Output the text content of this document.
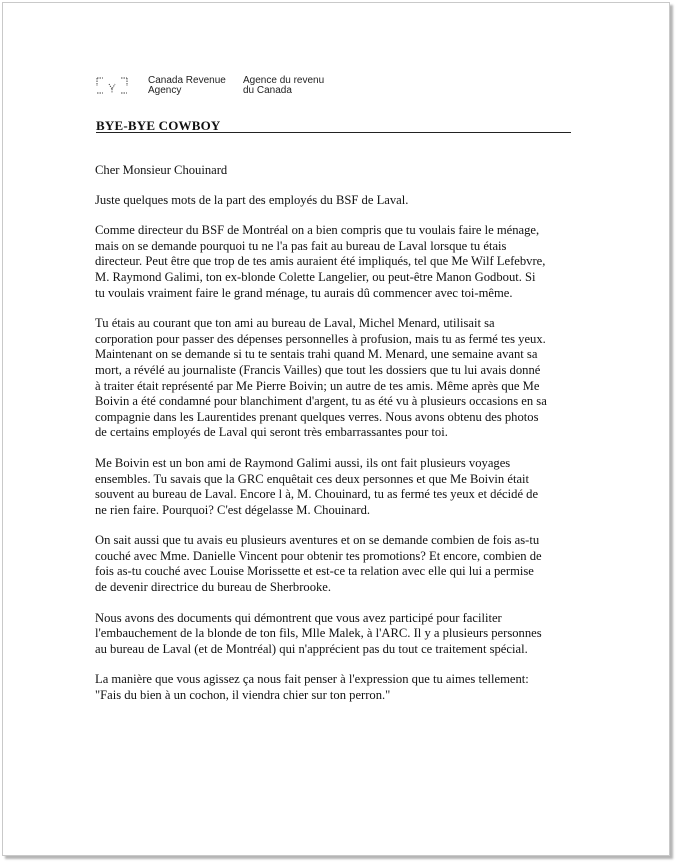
Canada Revenue
Agency
Agence du revenu
du Canada
BYE-BYE COWBOY

Cher Monsieur Chouinard

Juste quelques mots de la part des employés du BSF de Laval.

Comme directeur du BSF de Montréal on a bien compris que tu voulais faire le ménage,
mais on se demande pourquoi tu ne l'a pas fait au bureau de Laval lorsque tu étais
directeur. Peut être que trop de tes amis auraient été impliqués, tel que Me Wilf Lefebvre,
M. Raymond Galimi, ton ex-blonde Colette Langelier, ou peut-être Manon Godbout. Si
tu voulais vraiment faire le grand ménage, tu aurais dû commencer avec toi-même.

Tu étais au courant que ton ami au bureau de Laval, Michel Menard, utilisait sa
corporation pour passer des dépenses personnelles à profusion, mais tu as fermé tes yeux.
Maintenant on se demande si tu te sentais trahi quand M. Menard, une semaine avant sa
mort, a révélé au journaliste (Francis Vailles) que tout les dossiers que tu lui avais donné
à traiter était représenté par Me Pierre Boivin; un autre de tes amis. Même après que Me
Boivin a été condamné pour blanchiment d'argent, tu as été vu à plusieurs occasions en sa
compagnie dans les Laurentides prenant quelques verres. Nous avons obtenu des photos
de certains employés de Laval qui seront très embarrassantes pour toi.

Me Boivin est un bon ami de Raymond Galimi aussi, ils ont fait plusieurs voyages
ensembles. Tu savais que la GRC enquêtait ces deux personnes et que Me Boivin était
souvent au bureau de Laval. Encore l à, M. Chouinard, tu as fermé tes yeux et décidé de
ne rien faire. Pourquoi? C'est dégelasse M. Chouinard.

On sait aussi que tu avais eu plusieurs aventures et on se demande combien de fois as-tu
couché avec Mme. Danielle Vincent pour obtenir tes promotions? Et encore, combien de
fois as-tu couché avec Louise Morissette et est-ce ta relation avec elle qui lui a permise
de devenir directrice du bureau de Sherbrooke.

Nous avons des documents qui démontrent que vous avez participé pour faciliter
l'embauchement de la blonde de ton fils, Mlle Malek, à l'ARC. Il y a plusieurs personnes
au bureau de Laval (et de Montréal) qui n'apprécient pas du tout ce traitement spécial.

La manière que vous agissez ça nous fait penser à l'expression que tu aimes tellement:
"Fais du bien à un cochon, il viendra chier sur ton perron."
